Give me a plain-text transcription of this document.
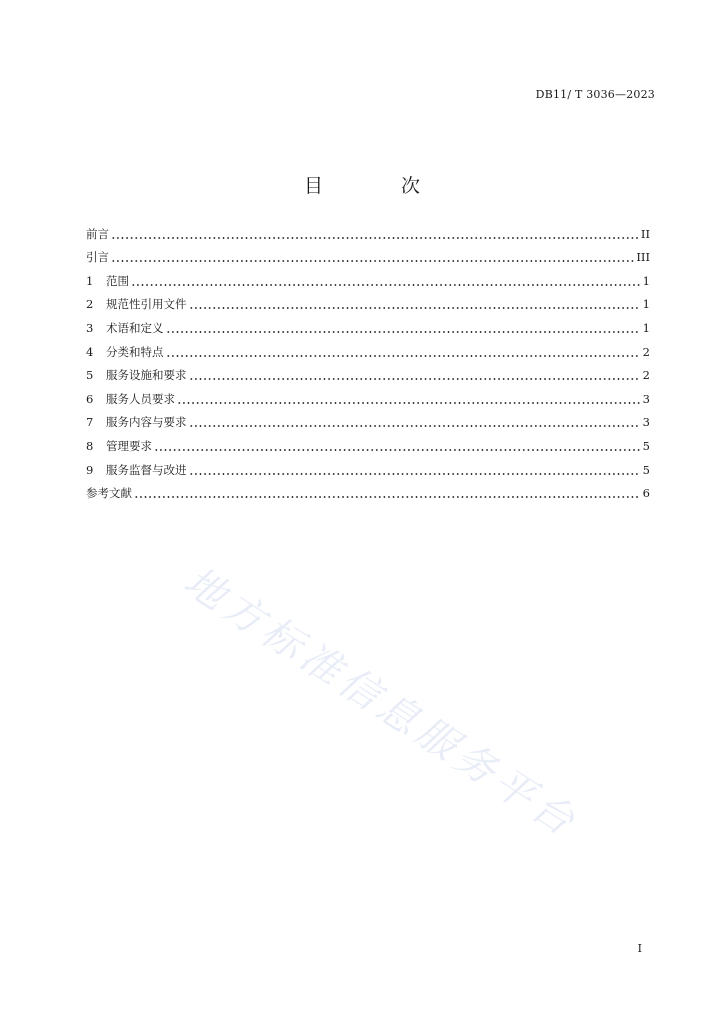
DB11/ T 3036—2023
目 次
前言	II
引言	III
1	范围	1
2	规范性引用文件	1
3	术语和定义	1
4	分类和特点	2
5	服务设施和要求	2
6	服务人员要求	3
7	服务内容与要求	3
8	管理要求	5
9	服务监督与改进	5
参考文献	6
地方标准信息服务平台
I
